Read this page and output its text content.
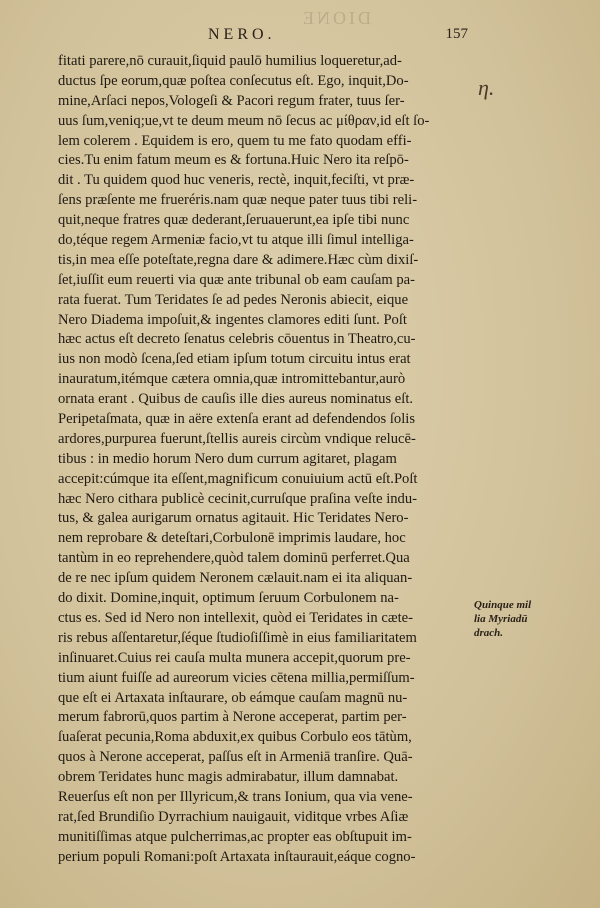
DIONE
NERO.	157
fitati parere,nō curauit,ſiquid paulō humilius loqueretur,ad-
ductus ſpe eorum,quæ poſtea conſecutus eſt. Ego, inquit,Do-
mine,Arſaci nepos,Vologeſi & Pacori regum frater, tuus ſer-
uus ſum,veniq;ue,vt te deum meum nō ſecus ac μίθραν,id eſt ſo-
lem colerem . Equidem is ero, quem tu me fato quodam effi-
cies.Tu enim fatum meum es & fortuna.Huic Nero ita reſpō-
dit . Tu quidem quod huc veneris, rectè, inquit,feciſti, vt præ-
ſens præſente me frueréris.nam quæ neque pater tuus tibi reli-
quit,neque fratres quæ dederant,ſeruauerunt,ea ipſe tibi nunc
do,téque regem Armeniæ facio,vt tu atque illi ſimul intelliga-
tis,in mea eſſe poteſtate,regna dare & adimere.Hæc cùm dixiſ-
ſet,iuſſit eum reuerti via quæ ante tribunal ob eam cauſam pa-
rata fuerat. Tum Teridates ſe ad pedes Neronis abiecit, eique
Nero Diadema impoſuit,& ingentes clamores editi ſunt. Poſt
hæc actus eſt decreto ſenatus celebris cōuentus in Theatro,cu-
ius non modò ſcena,ſed etiam ipſum totum circuitu intus erat
inauratum,itémque cætera omnia,quæ intromittebantur,aurò
ornata erant . Quibus de cauſis ille dies aureus nominatus eſt.
Peripetaſmata, quæ in aëre extenſa erant ad defendendos ſolis
ardores,purpurea fuerunt,ſtellis aureis circùm vndique relucē-
tibus : in medio horum Nero dum currum agitaret, plagam
accepit:cúmque ita eſſent,magnificum conuiuium actū eſt.Poſt
hæc Nero cithara publicè cecinit,curruſque praſina veſte indu-
tus, & galea aurigarum ornatus agitauit. Hic Teridates Nero-
nem reprobare & deteſtari,Corbulonē imprimis laudare, hoc
tantùm in eo reprehendere,quòd talem dominū perferret.Qua
de re nec ipſum quidem Neronem cælauit.nam ei ita aliquan-
do dixit. Domine,inquit, optimum ſeruum Corbulonem na-
ctus es. Sed id Nero non intellexit, quòd ei Teridates in cæte-
ris rebus aſſentaretur,ſéque ſtudioſiſſimè in eius familiaritatem
inſinuaret.Cuius rei cauſa multa munera accepit,quorum pre-
tium aiunt fuiſſe ad aureorum vicies cētena millia,permiſſum-
que eſt ei Artaxata inſtaurare, ob eámque cauſam magnū nu-
merum fabrorū,quos partim à Nerone acceperat, partim per-
ſuaſerat pecunia,Roma abduxit,ex quibus Corbulo eos tātùm,
quos à Nerone acceperat, paſſus eſt in Armeniā tranſire. Quā-
obrem Teridates hunc magis admirabatur, illum damnabat.
Reuerſus eſt non per Illyricum,& trans Ionium, qua via vene-
rat,ſed Brundiſio Dyrrachium nauigauit, viditque vrbes Aſiæ
munitiſſimas atque pulcherrimas,ac propter eas obſtupuit im-
perium populi Romani:poſt Artaxata inſtaurauit,eáque cogno-
η.
Quinque mil
lia Myriadū
drach.
